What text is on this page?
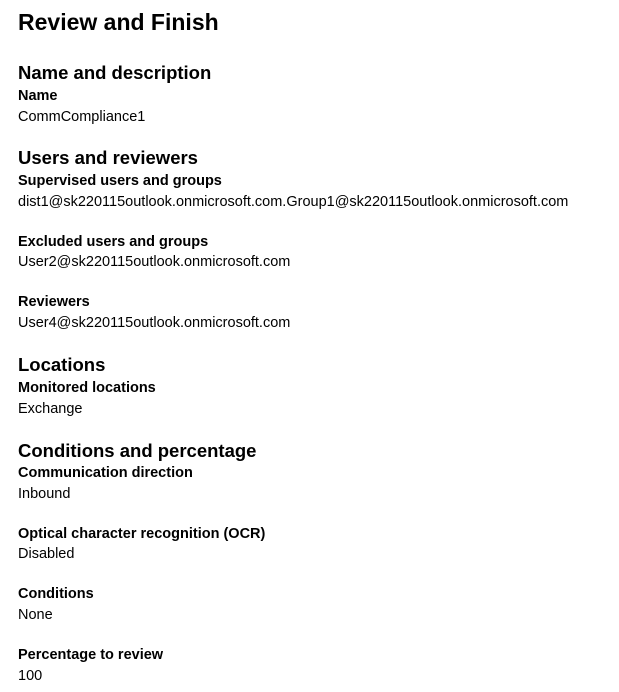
Review and Finish
Name and description
Name
CommCompliance1
Users and reviewers
Supervised users and groups
dist1@sk220115outlook.onmicrosoft.com.Group1@sk220115outlook.onmicrosoft.com
Excluded users and groups
User2@sk220115outlook.onmicrosoft.com
Reviewers
User4@sk220115outlook.onmicrosoft.com
Locations
Monitored locations
Exchange
Conditions and percentage
Communication direction
Inbound
Optical character recognition (OCR)
Disabled
Conditions
None
Percentage to review
100
